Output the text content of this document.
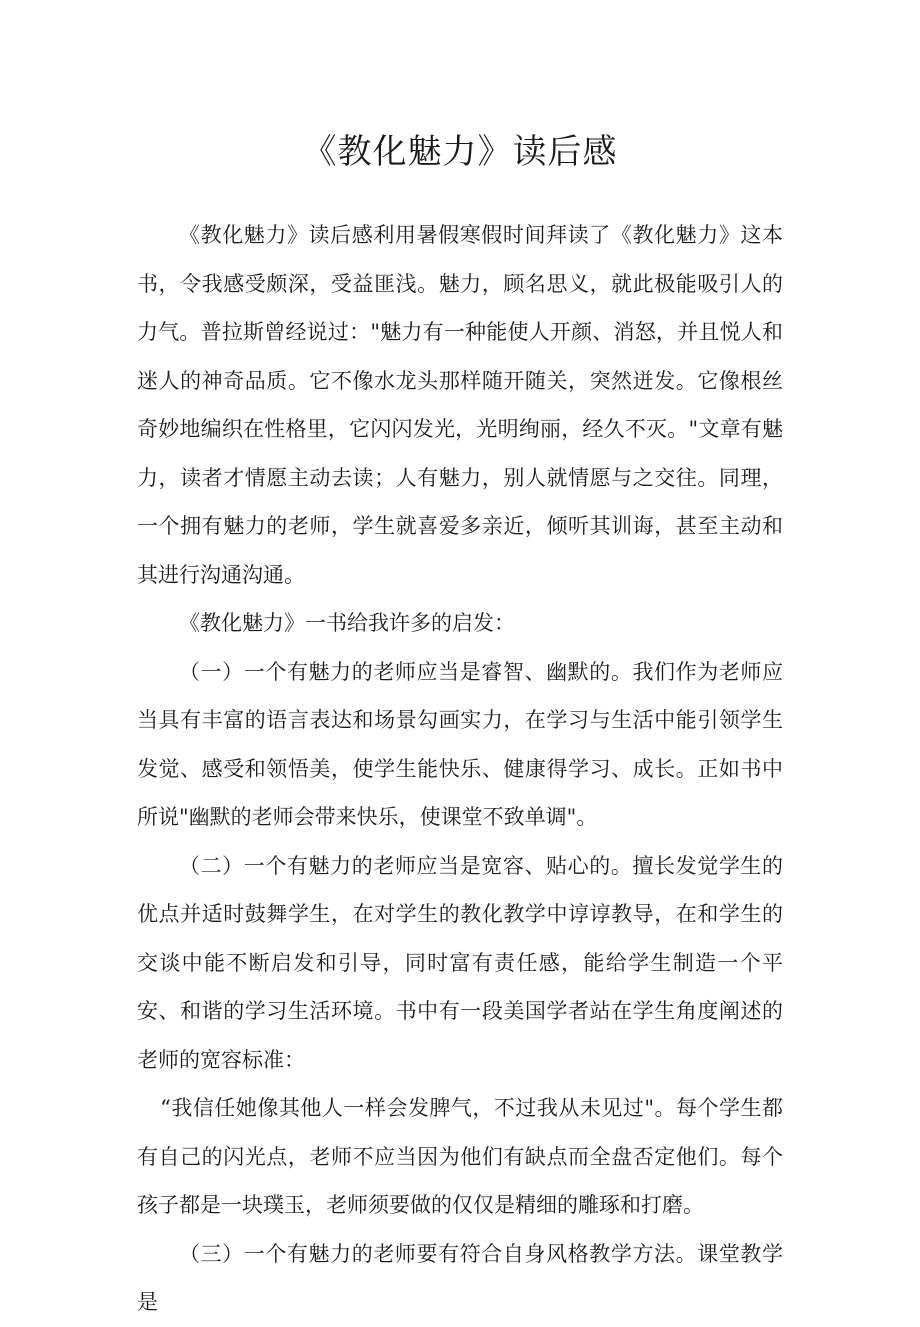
《教化魅力》读后感

《教化魅力》读后感利用暑假寒假时间拜读了《教化魅力》这本书，令我感受颇深，受益匪浅。魅力，顾名思义，就此极能吸引人的力气。普拉斯曾经说过："魅力有一种能使人开颜、消怒，并且悦人和迷人的神奇品质。它不像水龙头那样随开随关，突然迸发。它像根丝奇妙地编织在性格里，它闪闪发光，光明绚丽，经久不灭。"文章有魅力，读者才情愿主动去读；人有魅力，别人就情愿与之交往。同理，一个拥有魅力的老师，学生就喜爱多亲近，倾听其训诲，甚至主动和其进行沟通沟通。

《教化魅力》一书给我许多的启发：

（一）一个有魅力的老师应当是睿智、幽默的。我们作为老师应当具有丰富的语言表达和场景勾画实力，在学习与生活中能引领学生发觉、感受和领悟美，使学生能快乐、健康得学习、成长。正如书中所说"幽默的老师会带来快乐，使课堂不致单调"。

（二）一个有魅力的老师应当是宽容、贴心的。擅长发觉学生的优点并适时鼓舞学生，在对学生的教化教学中谆谆教导，在和学生的交谈中能不断启发和引导，同时富有责任感，能给学生制造一个平安、和谐的学习生活环境。书中有一段美国学者站在学生角度阐述的老师的宽容标准：

“我信任她像其他人一样会发脾气，不过我从未见过"。每个学生都有自己的闪光点，老师不应当因为他们有缺点而全盘否定他们。每个孩子都是一块璞玉，老师须要做的仅仅是精细的雕琢和打磨。

（三）一个有魅力的老师要有符合自身风格教学方法。课堂教学是
